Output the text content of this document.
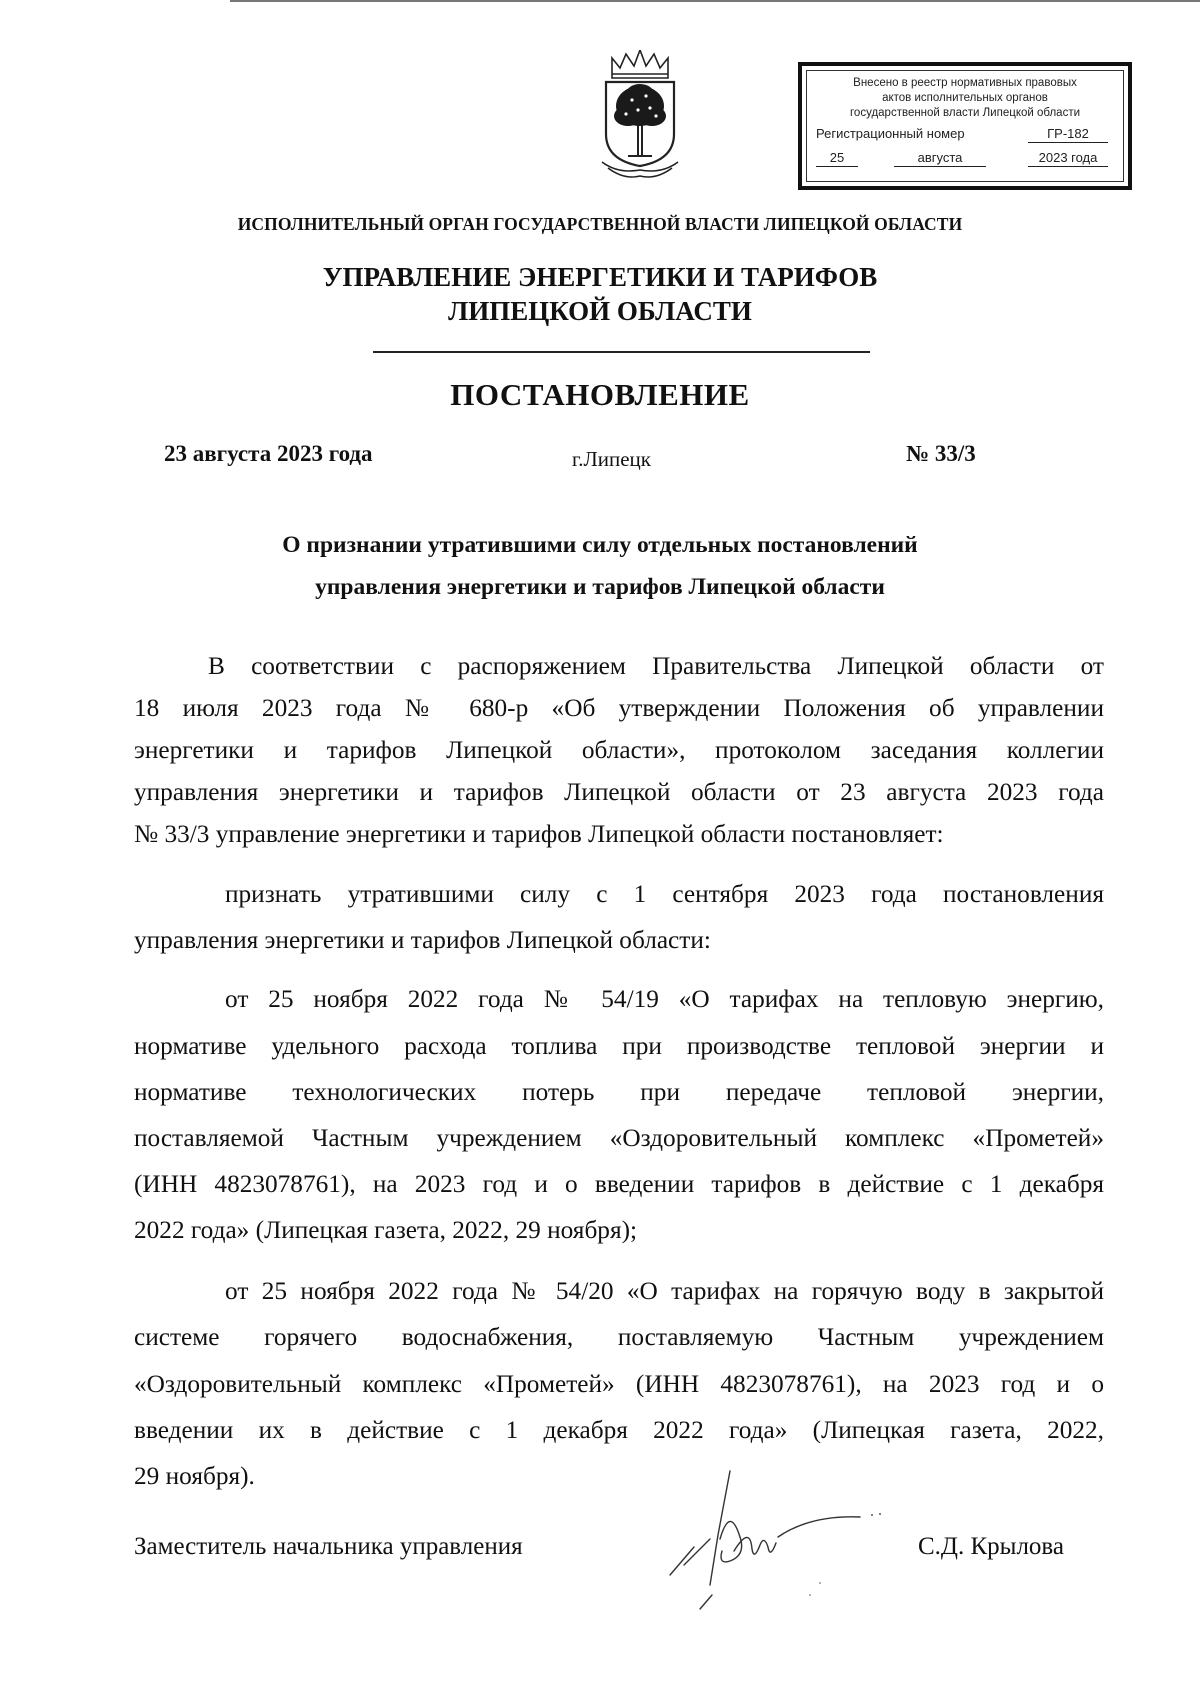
Внесено в реестр нормативных правовых
актов исполнительных органов
государственной власти Липецкой области
Регистрационный номер	ГР-182
25	августа	2023 года
ИСПОЛНИТЕЛЬНЫЙ ОРГАН ГОСУДАРСТВЕННОЙ ВЛАСТИ ЛИПЕЦКОЙ ОБЛАСТИ
УПРАВЛЕНИЕ ЭНЕРГЕТИКИ И ТАРИФОВ
ЛИПЕЦКОЙ ОБЛАСТИ
ПОСТАНОВЛЕНИЕ
23 августа 2023 года	г.Липецк	№ 33/3
О признании утратившими силу отдельных постановлений
управления энергетики и тарифов Липецкой области
В соответствии с распоряжением Правительства Липецкой области от
18 июля 2023 года № 680-р «Об утверждении Положения об управлении
энергетики и тарифов Липецкой области», протоколом заседания коллегии
управления энергетики и тарифов Липецкой области от 23 августа 2023 года
№ 33/3 управление энергетики и тарифов Липецкой области постановляет:
признать утратившими силу с 1 сентября 2023 года постановления
управления энергетики и тарифов Липецкой области:
от 25 ноября 2022 года № 54/19 «О тарифах на тепловую энергию,
нормативе удельного расхода топлива при производстве тепловой энергии и
нормативе технологических потерь при передаче тепловой энергии,
поставляемой Частным учреждением «Оздоровительный комплекс «Прометей»
(ИНН 4823078761), на 2023 год и о введении тарифов в действие с 1 декабря
2022 года» (Липецкая газета, 2022, 29 ноября);
от 25 ноября 2022 года № 54/20 «О тарифах на горячую воду в закрытой
системе горячего водоснабжения, поставляемую Частным учреждением
«Оздоровительный комплекс «Прометей» (ИНН 4823078761), на 2023 год и о
введении их в действие с 1 декабря 2022 года» (Липецкая газета, 2022,
29 ноября).
Заместитель начальника управления	С.Д. Крылова
